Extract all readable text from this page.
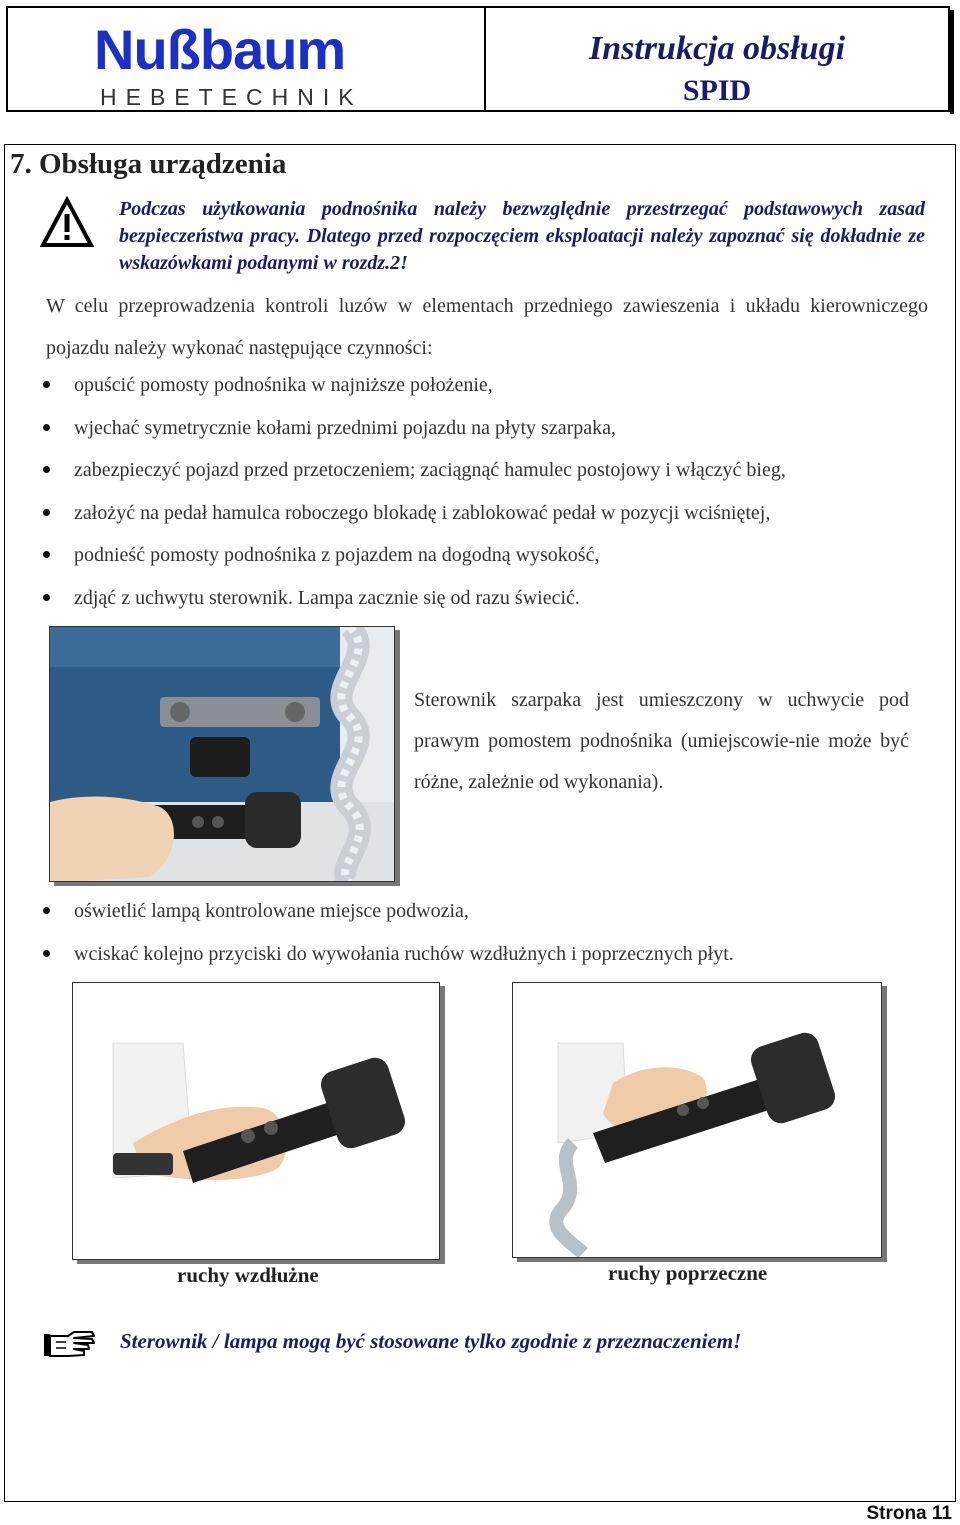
Nußbaum
HEBETECHNIK
Instrukcja obsługi
SPID
7. Obsługa urządzenia
Podczas użytkowania podnośnika należy bezwzględnie przestrzegać podstawowych zasad bezpieczeństwa pracy. Dlatego przed rozpoczęciem eksploatacji należy zapoznać się dokładnie ze wskazówkami podanymi w rozdz.2!
W celu przeprowadzenia kontroli luzów w elementach przedniego zawieszenia i układu kierowniczego pojazdu należy wykonać następujące czynności:
opuścić pomosty podnośnika w najniższe położenie,
wjechać symetrycznie kołami przednimi pojazdu na płyty szarpaka,
zabezpieczyć pojazd przed przetoczeniem; zaciągnąć hamulec postojowy i włączyć bieg,
założyć na pedał hamulca roboczego blokadę i zablokować pedał w pozycji wciśniętej,
podnieść pomosty podnośnika z pojazdem na dogodną wysokość,
zdjąć z uchwytu sterownik. Lampa zacznie się od razu świecić.
Sterownik szarpaka jest umieszczony w uchwycie pod prawym pomostem podnośnika (umiejscowie-nie może być różne, zależnie od wykonania).
oświetlić lampą kontrolowane miejsce podwozia,
wciskać kolejno przyciski do wywołania ruchów wzdłużnych i poprzecznych płyt.
ruchy wzdłużne	ruchy poprzeczne
Sterownik / lampa mogą być stosowane tylko zgodnie z przeznaczeniem!
Strona 11
